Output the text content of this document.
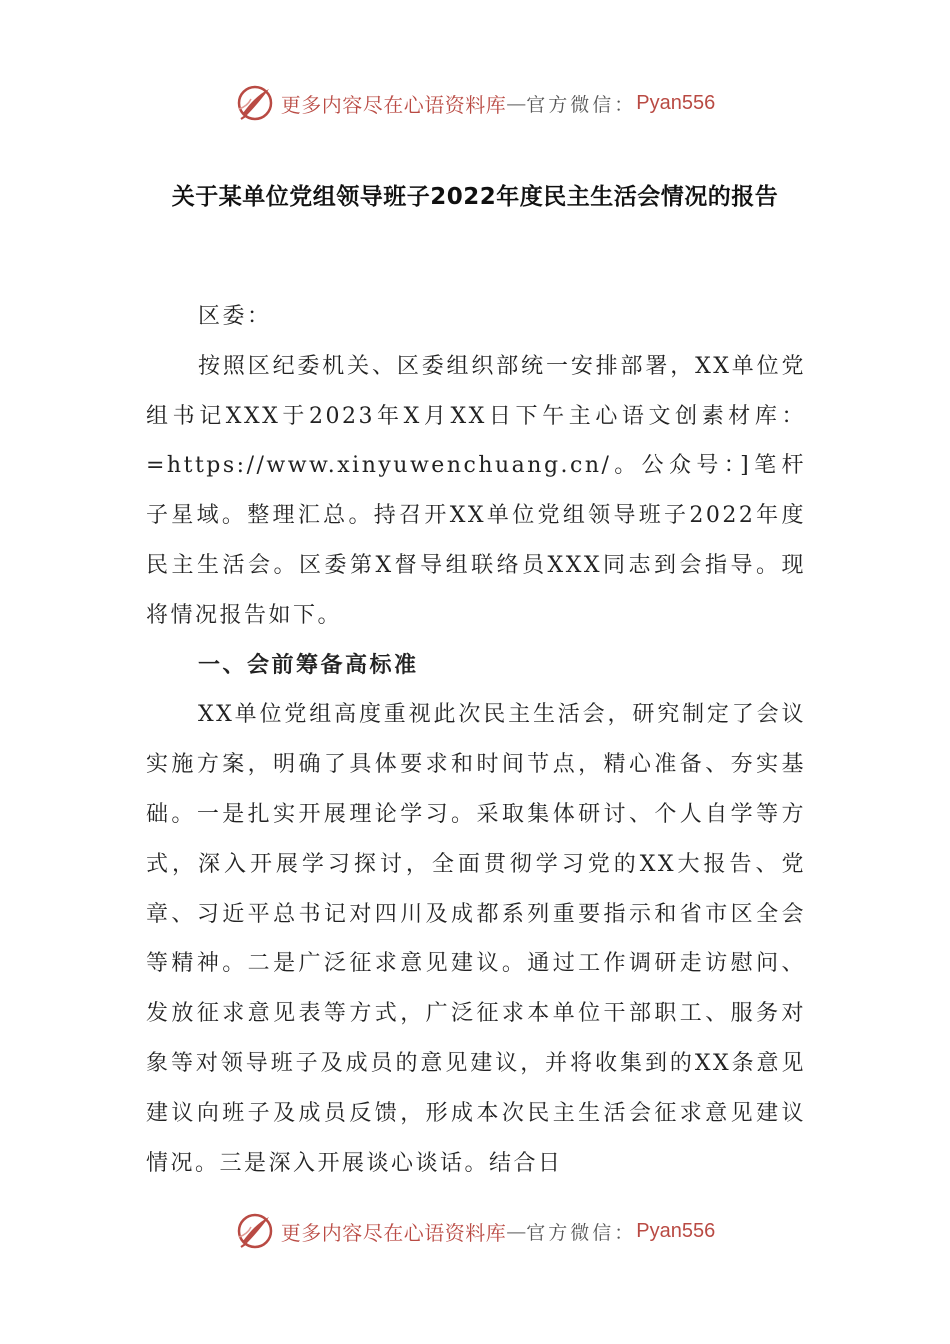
更多内容尽在心语资料库 — 官方微信： Pyan556
关于某单位党组领导班子2022年度民主生活会情况的报告

区委：

按照区纪委机关、区委组织部统一安排部署，XX单位党组书记XXX于2023年X月XX日下午主心语文创素材库：=https://www.xinyuwenchuang.cn/。公众号：]笔杆子星域。整理汇总。持召开XX单位党组领导班子2022年度民主生活会。区委第X督导组联络员XXX同志到会指导。现将情况报告如下。

一、会前筹备高标准

XX单位党组高度重视此次民主生活会，研究制定了会议实施方案，明确了具体要求和时间节点，精心准备、夯实基础。一是扎实开展理论学习。采取集体研讨、个人自学等方式，深入开展学习探讨，全面贯彻学习党的XX大报告、党章、习近平总书记对四川及成都系列重要指示和省市区全会等精神。二是广泛征求意见建议。通过工作调研走访慰问、发放征求意见表等方式，广泛征求本单位干部职工、服务对象等对领导班子及成员的意见建议，并将收集到的XX条意见建议向班子及成员反馈，形成本次民主生活会征求意见建议情况。三是深入开展谈心谈话。结合日

更多内容尽在心语资料库 — 官方微信： Pyan556
